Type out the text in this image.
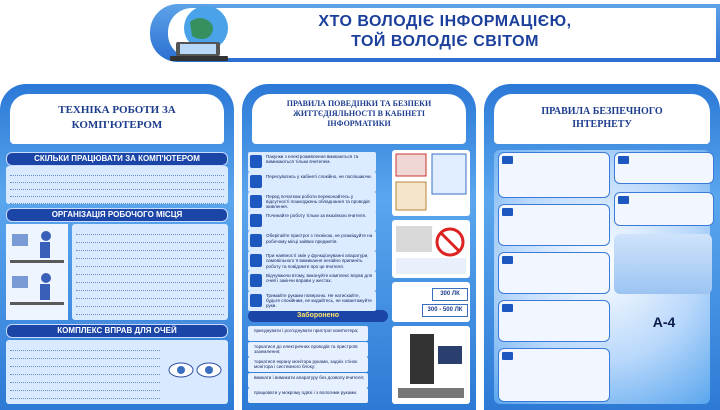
ХТО ВОЛОДІЄ ІНФОРМАЦІЄЮ,
ТОЙ ВОЛОДІЄ СВІТОМ
ТЕХНІКА РОБОТИ ЗА КОМП'ЮТЕРОМ
СКІЛЬКИ ПРАЦЮВАТИ ЗА КОМП'ЮТЕРОМ
ОРГАНІЗАЦІЯ РОБОЧОГО МІСЦЯ
КОМПЛЕКС ВПРАВ ДЛЯ ОЧЕЙ
ПРАВИЛА ПОВЕДІНКИ ТА БЕЗПЕКИ ЖИТТЄДІЯЛЬНОСТІ В КАБІНЕТІ ІНФОРМАТИКИ
300 ЛК
300 - 500 ЛК
Заборонено
Пакунки з електроживлення вмикаються та вимикаються тільки вчителем.
Пересуватись у кабінеті спокійно, не поспішаючи.
Перед початком роботи переконайтесь у відсутності пошкоджень обладнання та проводів живлення.
Починайте роботу тільки за вказівкою вчителя.
Оберігайте пристрої з технікою, не розміщуйте на робочому місці зайвих предметів.
При наявності змін у функціонуванні апаратури, самовільного її вимикання негайно припиніть роботу та повідомте про це вчителя.
Відчуваючи втому, виконуйте комплекс вправ для очей і закінчи вправи у жестах.
Тримайте руками поверхню. Не натискайте, будьте спокійним, не кидайтесь, не навантажуйте руки.
приєднувати і роз'єднувати пристрої комп'ютера;
торкатися до електричних проводів та пристроїв заземлення;
торкатися екрану монітора руками, задніх стінок монітора і системного блоку;
вмикати і вимикати апаратуру без дозволу вчителя;
працювати у мокрому одязі і з вологими руками.
ПРАВИЛА БЕЗПЕЧНОГО ІНТЕРНЕТУ
А-4
